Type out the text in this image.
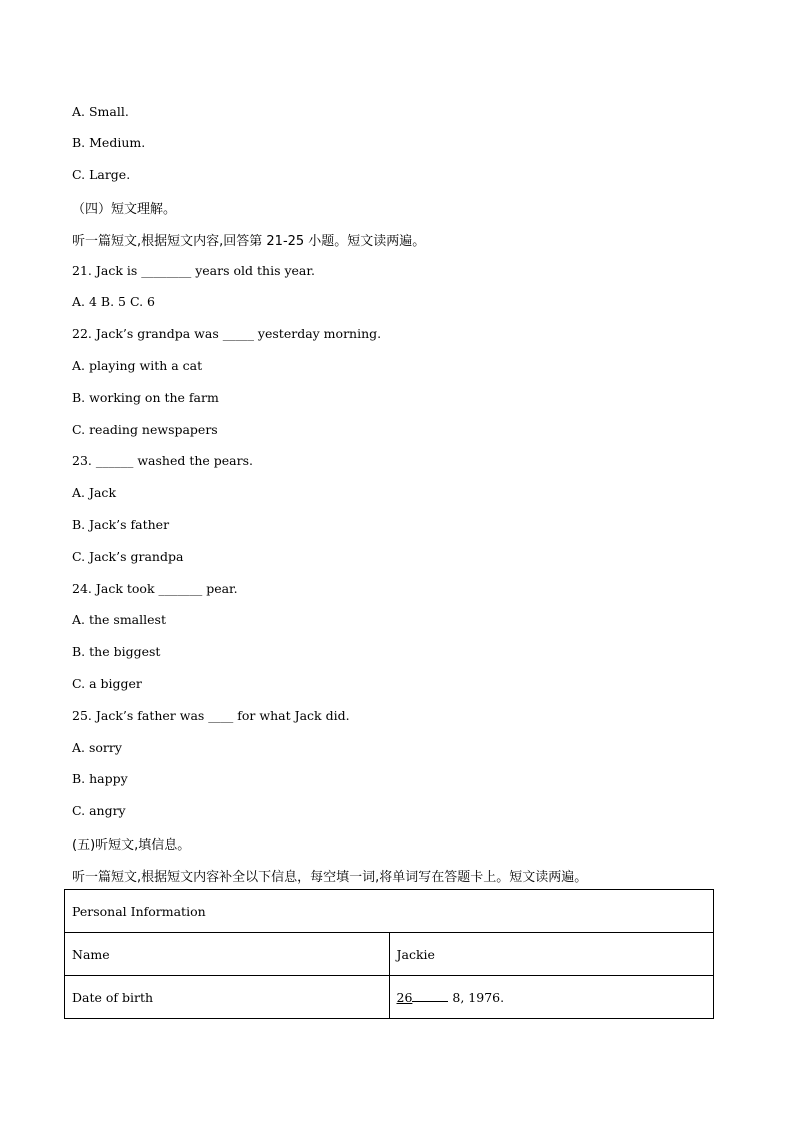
A. Small.
B. Medium.
C. Large.
（四）短文理解。
听一篇短文,根据短文内容,回答第 21-25 小题。短文读两遍。
21. Jack is ________ years old this year.
A. 4 B. 5 C. 6
22. Jack’s grandpa was _____ yesterday morning.
A. playing with a cat
B. working on the farm
C. reading newspapers
23. ______ washed the pears.
A. Jack
B. Jack’s father
C. Jack’s grandpa
24. Jack took _______ pear.
A. the smallest
B. the biggest
C. a bigger
25. Jack’s father was ____ for what Jack did.
A. sorry
B. happy
C. angry
(五)听短文,填信息。
听一篇短文,根据短文内容补全以下信息，每空填一词,将单词写在答题卡上。短文读两遍。
Personal Information	
Name	Jackie
Date of birth	26 8, 1976.
